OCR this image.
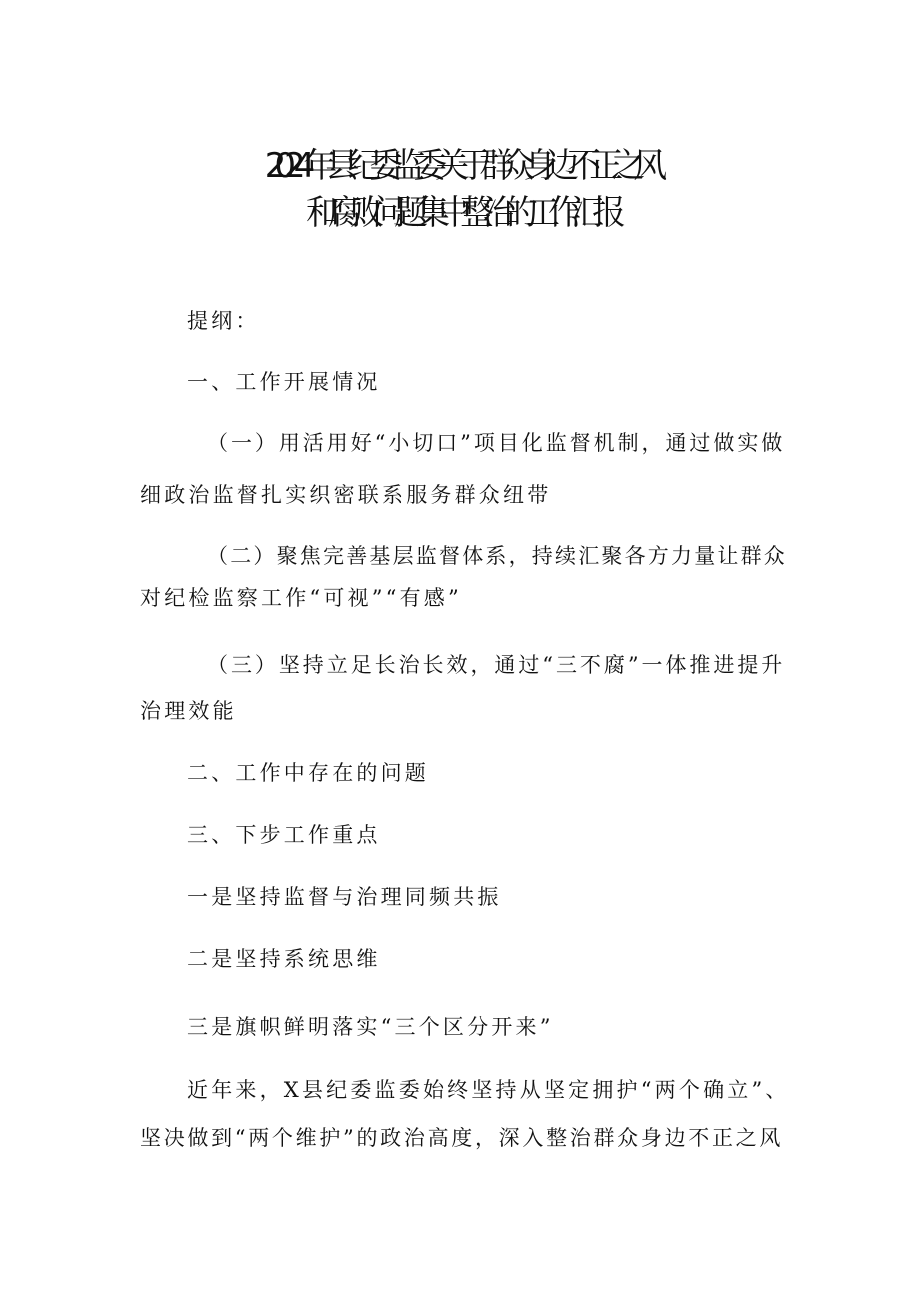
2024年县纪委监委关于群众身边不正之风
和腐败问题集中整治的工作汇报

提纲：

一、工作开展情况

（一）用活用好“小切口”项目化监督机制，通过做实做

细政治监督扎实织密联系服务群众纽带

（二）聚焦完善基层监督体系，持续汇聚各方力量让群众

对纪检监察工作“可视”“有感”

（三）坚持立足长治长效，通过“三不腐”一体推进提升

治理效能

二、工作中存在的问题

三、下步工作重点

一是坚持监督与治理同频共振

二是坚持系统思维

三是旗帜鲜明落实“三个区分开来”

近年来，X县纪委监委始终坚持从坚定拥护“两个确立”、

坚决做到“两个维护”的政治高度，深入整治群众身边不正之风
